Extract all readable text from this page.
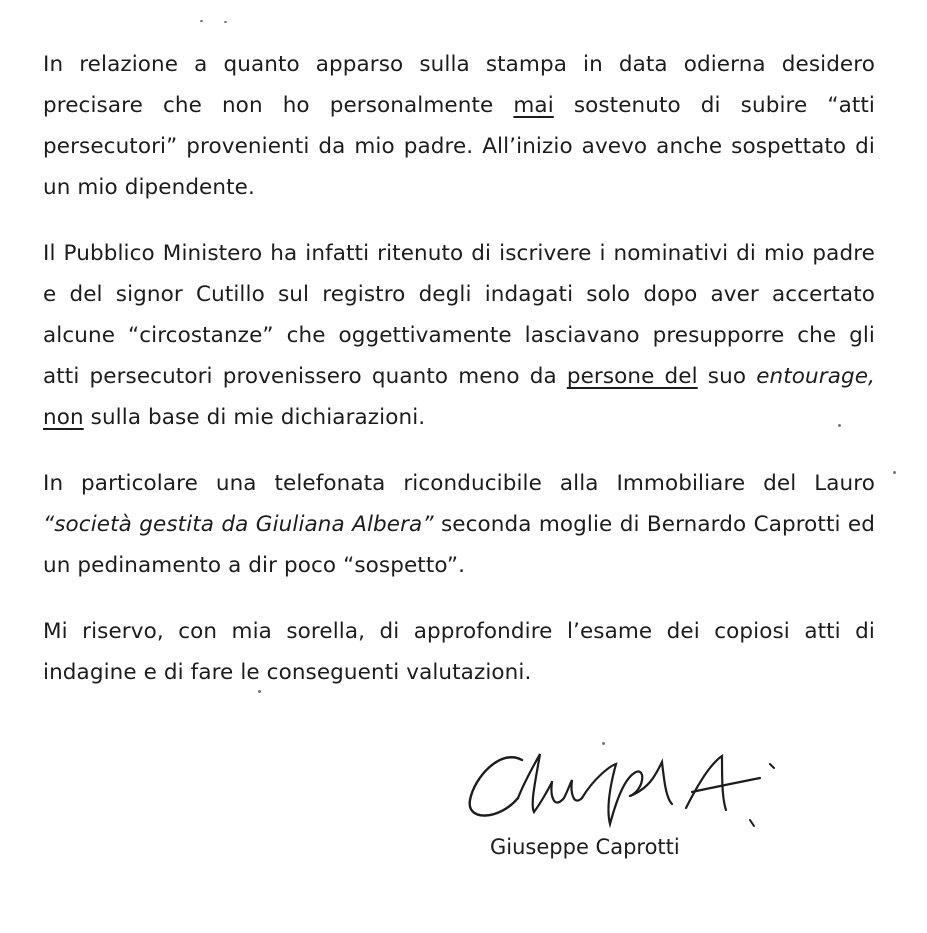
In relazione a quanto apparso sulla stampa in data odierna desidero precisare che non ho personalmente mai sostenuto di subire “atti persecutori” provenienti da mio padre. All’inizio avevo anche sospettato di un mio dipendente.

Il Pubblico Ministero ha infatti ritenuto di iscrivere i nominativi di mio padre e del signor Cutillo sul registro degli indagati solo dopo aver accertato alcune “circostanze” che oggettivamente lasciavano presupporre che gli atti persecutori provenissero quanto meno da persone del suo entourage, non sulla base di mie dichiarazioni.

In particolare una telefonata riconducibile alla Immobiliare del Lauro “società gestita da Giuliana Albera” seconda moglie di Bernardo Caprotti ed un pedinamento a dir poco “sospetto”.

Mi riservo, con mia sorella, di approfondire l’esame dei copiosi atti di indagine e di fare le conseguenti valutazioni.

Giuseppe Caprotti
